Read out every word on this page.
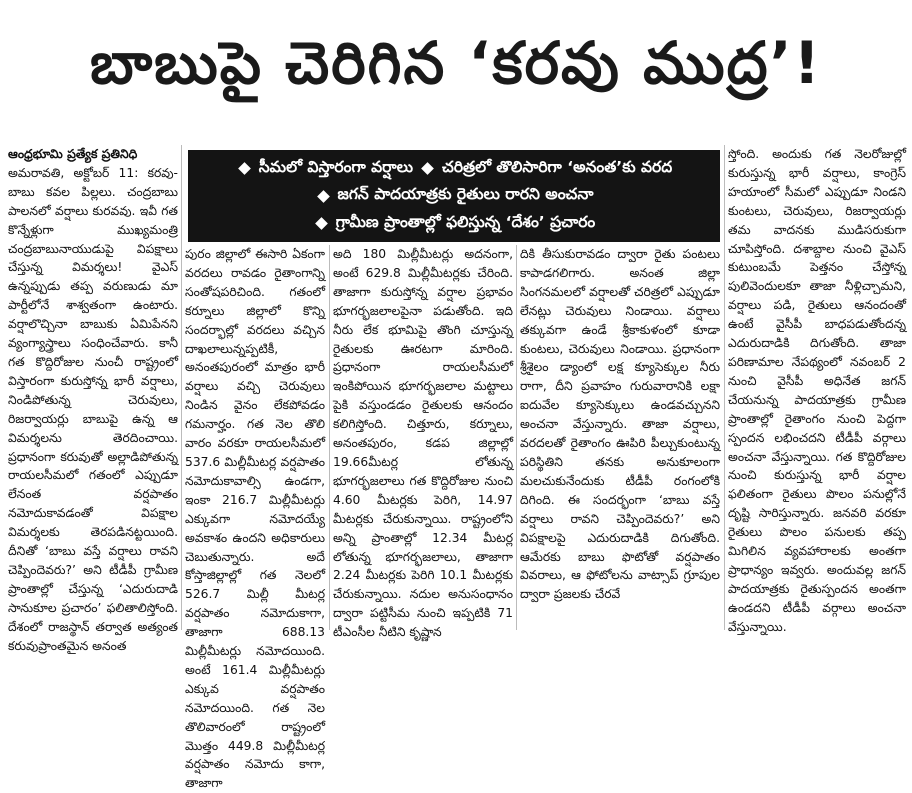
బాబుపై చెరిగిన ‘కరవు ముద్ర’!

ఆంధ్రభూమి ప్రత్యేక ప్రతినిధి

అమరావతి, అక్టోబర్ 11: కరవు-బాబు కవల పిల్లలు. చంద్రబాబు పాలనలో వర్షాలు కురవవు. ఇవీ గత కొన్నేళ్లుగా ముఖ్యమంత్రి చంద్రబాబునాయుడుపై విపక్షాలు చేస్తున్న విమర్శలు! వైఎస్ ఉన్నప్పుడు తప్ప వరుణుడు మా పార్టీలోనే శాశ్వతంగా ఉంటారు. వర్షాలొచ్చినా బాబుకు ఏమిపేనని వ్యంగ్యాస్త్రాలు సంధించేవారు. కానీ గత కొద్దిరోజుల నుంచీ రాష్ట్రంలో విస్తారంగా కురుస్తోన్న భారీ వర్షాలు, నిండిపోతున్న చెరువులు, రిజర్వాయర్లు బాబుపై ఉన్న ఆ విమర్శలను తెరదించాయి. ప్రధానంగా కరువుతో అల్లాడిపోతున్న రాయలసీమలో గతంలో ఎప్పుడూ లేనంత వర్షపాతం నమోదుకావడంతో విపక్షాల విమర్శలకు తెరపడినట్టయింది. దీనితో ‘బాబు వస్తే వర్షాలు రావని చెప్పిందెవరు?’ అని టీడీపీ గ్రామీణ ప్రాంతాల్లో చేస్తున్న ‘ఎదురుదాడి సానుకూల ప్రచారం’ ఫలితాలిస్తోంది. దేశంలో రాజస్థాన్ తర్వాత అత్యంత కరువుప్రాంతమైన అనంత

సీమలో విస్తారంగా వర్షాలు చరిత్రలో తొలిసారిగా ‘అనంత’కు వరద
జగన్ పాదయాత్రకు రైతులు రారని అంచనా
గ్రామీణ ప్రాంతాల్లో ఫలిస్తున్న ‘దేశం’ ప్రచారం

పురం జిల్లాలో ఈసారి ఏకంగా వరదలు రావడం రైతాంగాన్ని సంతోషపరిచింది. గతంలో కర్నూలు జిల్లాలో కొన్ని సందర్భాల్లో వరదలు వచ్చిన దాఖలాలున్నప్పటికీ, అనంతపురంలో మాత్రం భారీ వర్షాలు వచ్చి చెరువులు నిండిన వైనం లేకపోవడం గమనార్హం. గత నెల తొలి వారం వరకూ రాయలసీమలో 537.6 మిల్లీమీటర్ల వర్షపాతం నమోదుకావాల్సి ఉండగా, ఇంకా 216.7 మిల్లీమీటర్లు ఎక్కువగా నమోదయ్యే అవకాశం ఉందని అధికారులు చెబుతున్నారు. అదే కోస్తాజిల్లాల్లో గత నెలలో 526.7 మిల్లీ మీటర్ల వర్షపాతం నమోదుకాగా, తాజాగా 688.13 మిల్లీమీటర్లు నమోదయింది. అంటే 161.4 మిల్లీమీటర్లు ఎక్కువ వర్షపాతం నమోదయింది. గత నెల తొలివారంలో రాష్ట్రంలో మొత్తం 449.8 మిల్లీమీటర్ల వర్షపాతం నమోదు కాగా, తాజాగా

అది 180 మిల్లీమీటర్లు అదనంగా, అంటే 629.8 మిల్లీమీటర్లకు చేరింది. తాజాగా కురుస్తోన్న వర్షాల ప్రభావం భూగర్భజలాలపైనా పడుతోంది. ఇది నీరు లేక భూమిపై తొంగి చూస్తున్న రైతులకు ఊరటగా మారింది. ప్రధానంగా రాయలసీమలో ఇంకిపోయిన భూగర్భజలాల మట్టాలు పైకి వస్తుండడం రైతులకు ఆనందం కలిగిస్తోంది. చిత్తూరు, కర్నూలు, అనంతపురం, కడప జిల్లాల్లో 19.66మీటర్ల లోతున్న భూగర్భజలాలు గత కొద్దిరోజుల నుంచి 4.60 మీటర్లకు పెరిగి, 14.97 మీటర్లకు చేరుకున్నాయి. రాష్ట్రంలోని అన్ని ప్రాంతాల్లో 12.34 మీటర్ల లోతున్న భూగర్భజలాలు, తాజాగా 2.24 మీటర్లకు పెరిగి 10.1 మీటర్లకు చేరుకున్నాయి. నదుల అనుసంధానం ద్వారా పట్టిసీమ నుంచి ఇప్పటికి 71 టీఎంసీల నీటిని కృష్ణాన

దికి తీసుకురావడం ద్వారా రైతు పంటలు కాపాడగలిగారు. అనంత జిల్లా సింగనమలలో వర్షాలతో చరిత్రలో ఎప్పుడూ లేనట్లు చెరువులు నిండాయి. వర్షాలు తక్కువగా ఉండే శ్రీకాకుళంలో కూడా కుంటలు, చెరువులు నిండాయి. ప్రధానంగా శ్రీశైలం డ్యాంలో లక్ష క్యూసెక్కుల నీరు రాగా, దీని ప్రవాహం గురువారానికి లక్షా ఐదువేల క్యూసెక్కులు ఉండవచ్చునని అంచనా వేస్తున్నారు. తాజా వర్షాలు, వరదలతో రైతాంగం ఊపిరి పీల్చుకుంటున్న పరిస్థితిని తనకు అనుకూలంగా మలచుకునేందుకు టీడీపీ రంగంలోకి దిగింది. ఈ సందర్భంగా ‘బాబు వస్తే వర్షాలు రావని చెప్పిందెవరు?’ అని విపక్షాలపై ఎదురుదాడికి దిగుతోంది. ఆమేరకు బాబు ఫొటోతో వర్షపాతం వివరాలు, ఆ ఫోటోలను వాట్సాప్ గ్రూపుల ద్వారా ప్రజలకు చేరవే

స్తోంది. అందుకు గత నెలరోజుల్లో కురుస్తున్న భారీ వర్షాలు, కాంగ్రెస్ హయాంలో సీమలో ఎప్పుడూ నిండని కుంటలు, చెరువులు, రిజర్వాయర్లు తమ వాదనకు ముడిసరుకుగా చూపిస్తోంది. దశాబ్దాల నుంచి వైఎస్ కుటుంబమే పెత్తనం చేస్తోన్న పులివెందులకూ తాజా నీళ్లిచ్చామని, వర్షాలు పడి, రైతులు ఆనందంతో ఉంటే వైసీపీ బాధపడుతోందన్న ఎదురుదాడికి దిగుతోంది. తాజా పరిణామాల నేపథ్యంలో నవంబర్ 2 నుంచి వైసీపీ అధినేత జగన్ చేయనున్న పాదయాత్రకు గ్రామీణ ప్రాంతాల్లో రైతాంగం నుంచి పెద్దగా స్పందన లభించదని టీడీపీ వర్గాలు అంచనా వేస్తున్నాయి. గత కొద్దిరోజుల నుంచి కురుస్తున్న భారీ వర్షాల ఫలితంగా రైతులు పొలం పనుల్లోనే దృష్టి సారిస్తున్నారు. జనవరి వరకూ రైతులు పొలం పనులకు తప్ప మిగిలిన వ్యవహారాలకు అంతగా ప్రాధాన్యం ఇవ్వరు. అందువల్ల జగన్ పాదయాత్రకు రైతుస్పందన అంతగా ఉండదని టీడీపీ వర్గాలు అంచనా వేస్తున్నాయి.
